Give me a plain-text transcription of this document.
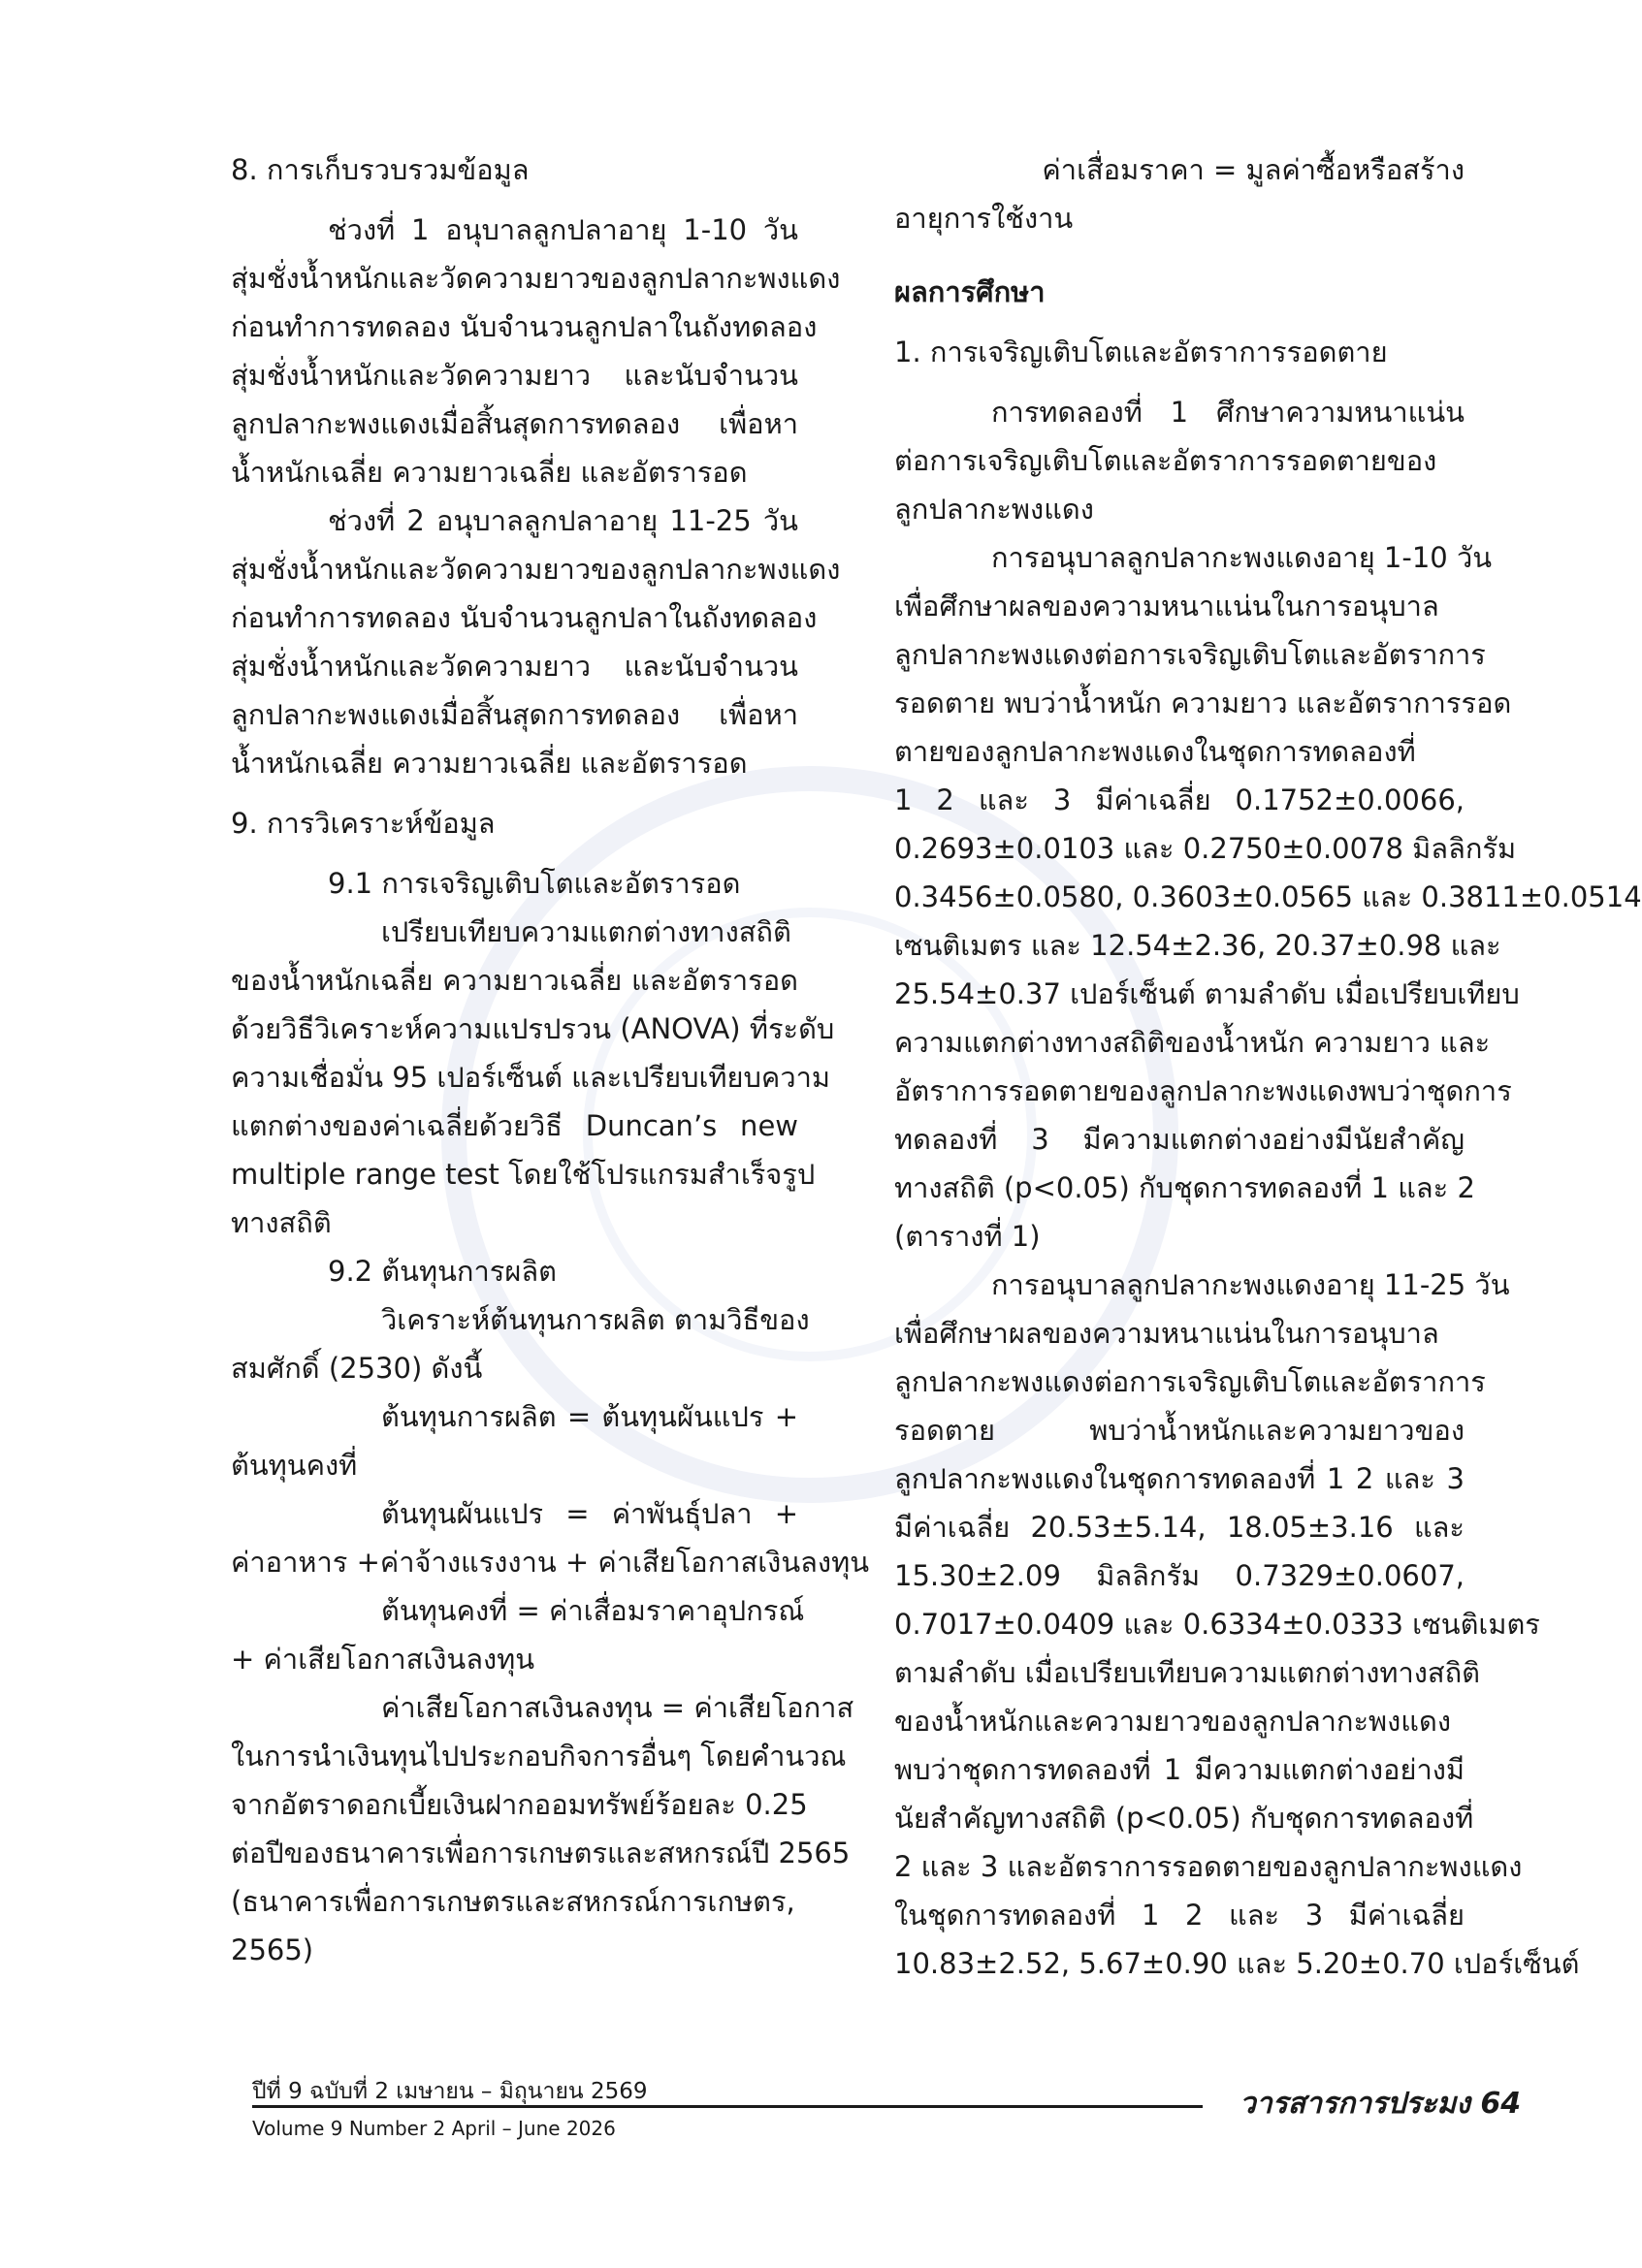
8. การเก็บรวบรวมข้อมูล
ช่วงที่ 1 อนุบาลลูกปลาอายุ 1-10 วัน
สุ่มชั่งน้ำหนักและวัดความยาวของลูกปลากะพงแดง
ก่อนทำการทดลอง นับจำนวนลูกปลาในถังทดลอง
สุ่มชั่งน้ำหนักและวัดความยาว และนับจำนวน
ลูกปลากะพงแดงเมื่อสิ้นสุดการทดลอง เพื่อหา
น้ำหนักเฉลี่ย ความยาวเฉลี่ย และอัตรารอด
ช่วงที่ 2 อนุบาลลูกปลาอายุ 11-25 วัน
สุ่มชั่งน้ำหนักและวัดความยาวของลูกปลากะพงแดง
ก่อนทำการทดลอง นับจำนวนลูกปลาในถังทดลอง
สุ่มชั่งน้ำหนักและวัดความยาว และนับจำนวน
ลูกปลากะพงแดงเมื่อสิ้นสุดการทดลอง เพื่อหา
น้ำหนักเฉลี่ย ความยาวเฉลี่ย และอัตรารอด
9. การวิเคราะห์ข้อมูล
9.1 การเจริญเติบโตและอัตรารอด
เปรียบเทียบความแตกต่างทางสถิติ
ของน้ำหนักเฉลี่ย ความยาวเฉลี่ย และอัตรารอด
ด้วยวิธีวิเคราะห์ความแปรปรวน (ANOVA) ที่ระดับ
ความเชื่อมั่น 95 เปอร์เซ็นต์ และเปรียบเทียบความ
แตกต่างของค่าเฉลี่ยด้วยวิธี Duncan’s new
multiple range test โดยใช้โปรแกรมสำเร็จรูป
ทางสถิติ
9.2 ต้นทุนการผลิต
วิเคราะห์ต้นทุนการผลิต ตามวิธีของ
สมศักดิ์ (2530) ดังนี้
ต้นทุนการผลิต = ต้นทุนผันแปร +
ต้นทุนคงที่
ต้นทุนผันแปร = ค่าพันธุ์ปลา +
ค่าอาหาร +ค่าจ้างแรงงาน + ค่าเสียโอกาสเงินลงทุน
ต้นทุนคงที่ = ค่าเสื่อมราคาอุปกรณ์
+ ค่าเสียโอกาสเงินลงทุน
ค่าเสียโอกาสเงินลงทุน = ค่าเสียโอกาส
ในการนำเงินทุนไปประกอบกิจการอื่นๆ โดยคำนวณ
จากอัตราดอกเบี้ยเงินฝากออมทรัพย์ร้อยละ 0.25
ต่อปีของธนาคารเพื่อการเกษตรและสหกรณ์ปี 2565
(ธนาคารเพื่อการเกษตรและสหกรณ์การเกษตร,
2565)
ค่าเสื่อมราคา = มูลค่าซื้อหรือสร้าง
อายุการใช้งาน
ผลการศึกษา
1. การเจริญเติบโตและอัตราการรอดตาย
การทดลองที่ 1 ศึกษาความหนาแน่น
ต่อการเจริญเติบโตและอัตราการรอดตายของ
ลูกปลากะพงแดง
การอนุบาลลูกปลากะพงแดงอายุ 1-10 วัน
เพื่อศึกษาผลของความหนาแน่นในการอนุบาล
ลูกปลากะพงแดงต่อการเจริญเติบโตและอัตราการ
รอดตาย พบว่าน้ำหนัก ความยาว และอัตราการรอด
ตายของลูกปลากะพงแดงในชุดการทดลองที่
1 2 และ 3 มีค่าเฉลี่ย 0.1752±0.0066,
0.2693±0.0103 และ 0.2750±0.0078 มิลลิกรัม
0.3456±0.0580, 0.3603±0.0565 และ 0.3811±0.0514
เซนติเมตร และ 12.54±2.36, 20.37±0.98 และ
25.54±0.37 เปอร์เซ็นต์ ตามลำดับ เมื่อเปรียบเทียบ
ความแตกต่างทางสถิติของน้ำหนัก ความยาว และ
อัตราการรอดตายของลูกปลากะพงแดงพบว่าชุดการ
ทดลองที่ 3 มีความแตกต่างอย่างมีนัยสำคัญ
ทางสถิติ (p<0.05) กับชุดการทดลองที่ 1 และ 2
(ตารางที่ 1)
การอนุบาลลูกปลากะพงแดงอายุ 11-25 วัน
เพื่อศึกษาผลของความหนาแน่นในการอนุบาล
ลูกปลากะพงแดงต่อการเจริญเติบโตและอัตราการ
รอดตาย พบว่าน้ำหนักและความยาวของ
ลูกปลากะพงแดงในชุดการทดลองที่ 1 2 และ 3
มีค่าเฉลี่ย 20.53±5.14, 18.05±3.16 และ
15.30±2.09 มิลลิกรัม 0.7329±0.0607,
0.7017±0.0409 และ 0.6334±0.0333 เซนติเมตร
ตามลำดับ เมื่อเปรียบเทียบความแตกต่างทางสถิติ
ของน้ำหนักและความยาวของลูกปลากะพงแดง
พบว่าชุดการทดลองที่ 1 มีความแตกต่างอย่างมี
นัยสำคัญทางสถิติ (p<0.05) กับชุดการทดลองที่
2 และ 3 และอัตราการรอดตายของลูกปลากะพงแดง
ในชุดการทดลองที่ 1 2 และ 3 มีค่าเฉลี่ย
10.83±2.52, 5.67±0.90 และ 5.20±0.70 เปอร์เซ็นต์
ปีที่ 9 ฉบับที่ 2 เมษายน – มิถุนายน 2569
Volume 9 Number 2 April – June 2026
วารสารการประมง 64
